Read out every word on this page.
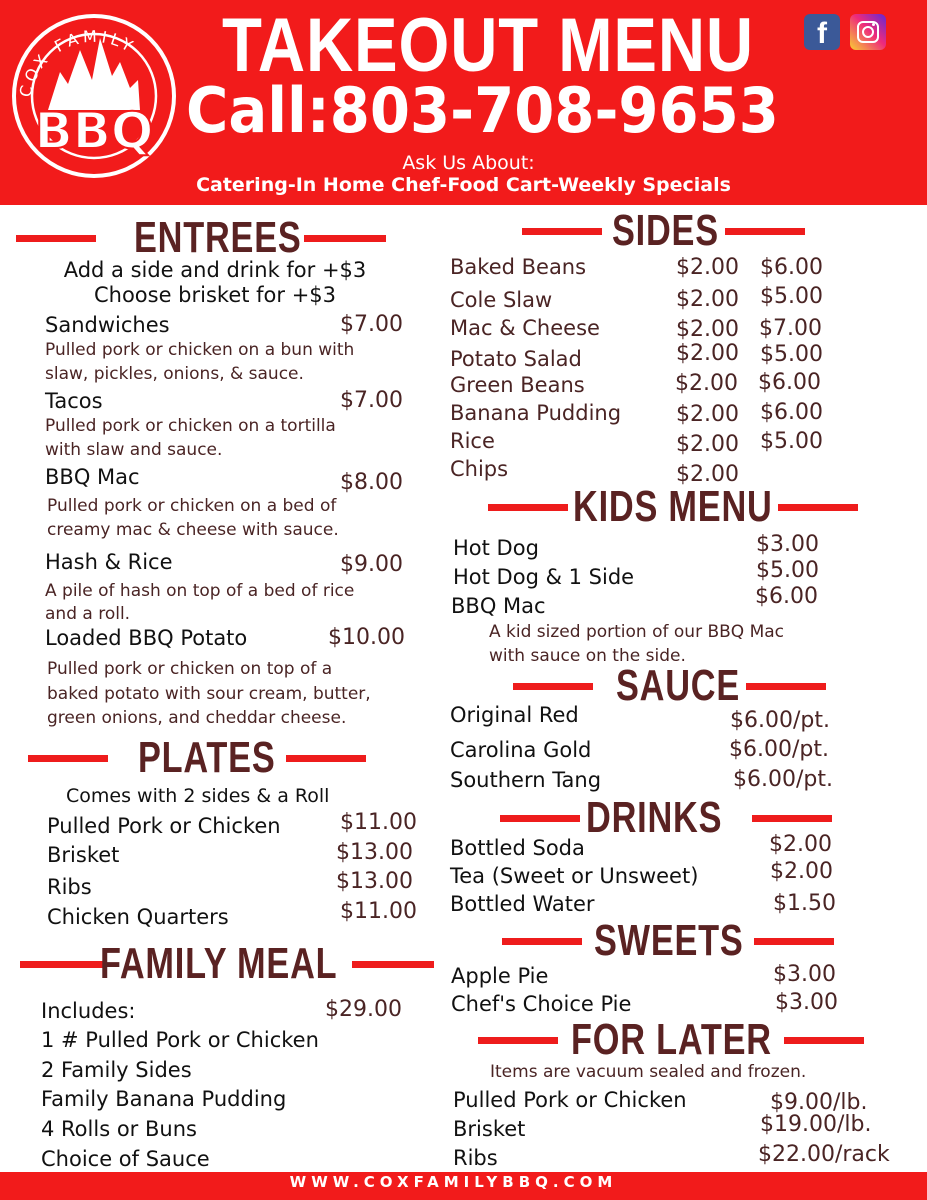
COX FAMILY
BBQ
TAKEOUT MENU
Call:803-708-9653
f
Ask Us About:
Catering-In Home Chef-Food Cart-Weekly Specials
ENTREES
Add a side and drink for +$3
Choose brisket for +$3
Sandwiches	$7.00
Pulled pork or chicken on a bun with
slaw, pickles, onions, & sauce.
Tacos	$7.00
Pulled pork or chicken on a tortilla
with slaw and sauce.
BBQ Mac	$8.00
Pulled pork or chicken on a bed of
creamy mac & cheese with sauce.
Hash & Rice	$9.00
A pile of hash on top of a bed of rice
and a roll.
Loaded BBQ Potato	$10.00
Pulled pork or chicken on top of a
baked potato with sour cream, butter,
green onions, and cheddar cheese.
PLATES
Comes with 2 sides & a Roll
Pulled Pork or Chicken	$11.00
Brisket	$13.00
Ribs	$13.00
Chicken Quarters	$11.00
FAMILY MEAL
Includes:	$29.00
1 # Pulled Pork or Chicken
2 Family Sides
Family Banana Pudding
4 Rolls or Buns
Choice of Sauce
SIDES
Baked Beans	$2.00 $6.00
Cole Slaw	$2.00 $5.00
Mac & Cheese	$2.00 $7.00
Potato Salad	$2.00 $5.00
Green Beans	$2.00 $6.00
Banana Pudding $2.00 $6.00
Rice	$2.00 $5.00
Chips	$2.00
KIDS MENU
Hot Dog	$3.00
Hot Dog & 1 Side	$5.00
BBQ Mac	$6.00
A kid sized portion of our BBQ Mac
with sauce on the side.
SAUCE
Original Red	$6.00/pt.
Carolina Gold	$6.00/pt.
Southern Tang	$6.00/pt.
DRINKS
Bottled Soda	$2.00
Tea (Sweet or Unsweet)	$2.00
Bottled Water	$1.50
SWEETS
Apple Pie	$3.00
Chef's Choice Pie	$3.00
FOR LATER
Items are vacuum sealed and frozen.
Pulled Pork or Chicken	$9.00/lb.
Brisket	$19.00/lb.
Ribs	$22.00/rack
WWW.COXFAMILYBBQ.COM
